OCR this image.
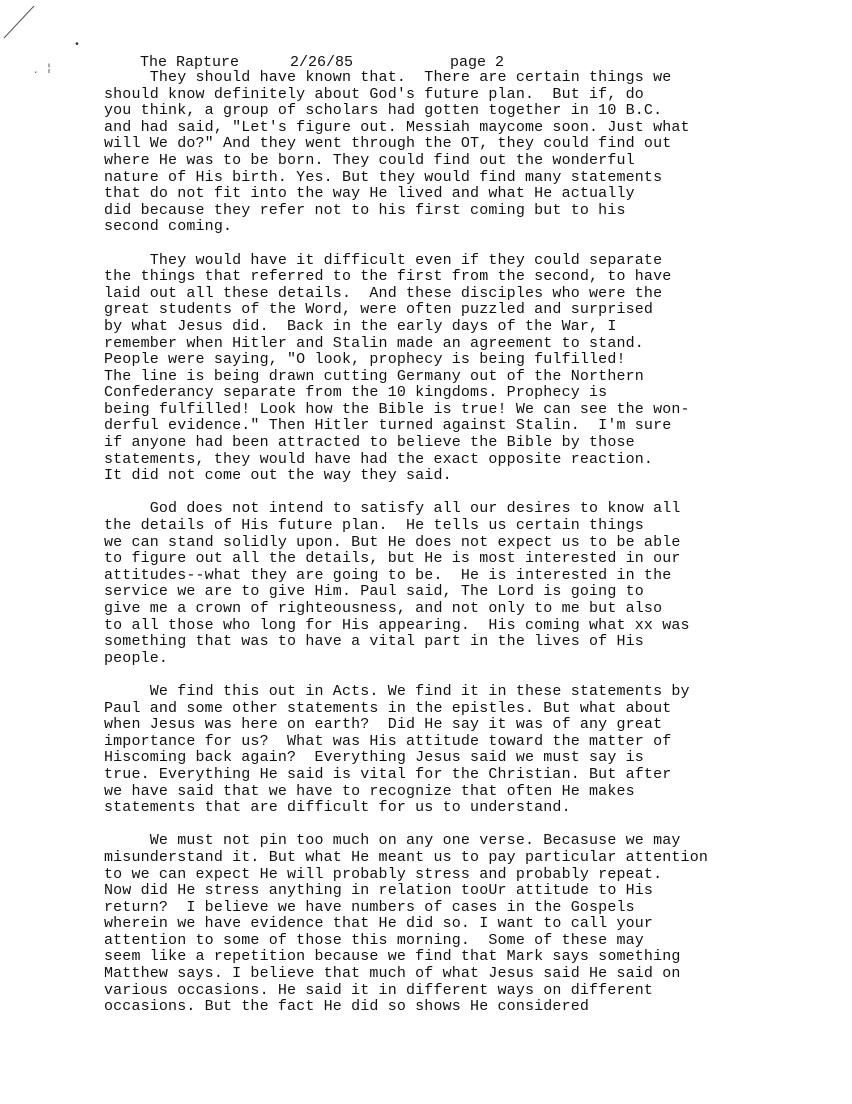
•
˯ ¦	The Rapture	2/26/85	page 2

They should have known that.  There are certain things we
should know definitely about God's future plan.  But if, do
you think, a group of scholars had gotten together in 10 B.C.
and had said, "Let's figure out. Messiah maycome soon. Just what
will We do?" And they went through the OT, they could find out
where He was to be born. They could find out the wonderful
nature of His birth. Yes. But they would find many statements
that do not fit into the way He lived and what He actually
did because they refer not to his first coming but to his
second coming.
They would have it difficult even if they could separate
the things that referred to the first from the second, to have
laid out all these details.  And these disciples who were the
great students of the Word, were often puzzled and surprised
by what Jesus did.  Back in the early days of the War, I
remember when Hitler and Stalin made an agreement to stand.
People were saying, "O look, prophecy is being fulfilled!
The line is being drawn cutting Germany out of the Northern
Confederancy separate from the 10 kingdoms. Prophecy is
being fulfilled! Look how the Bible is true! We can see the won-
derful evidence." Then Hitler turned against Stalin.  I'm sure
if anyone had been attracted to believe the Bible by those
statements, they would have had the exact opposite reaction.
It did not come out the way they said.
God does not intend to satisfy all our desires to know all
the details of His future plan.  He tells us certain things
we can stand solidly upon. But He does not expect us to be able
to figure out all the details, but He is most interested in our
attitudes--what they are going to be.  He is interested in the
service we are to give Him. Paul said, The Lord is going to
give me a crown of righteousness, and not only to me but also
to all those who long for His appearing.  His coming what xx was
something that was to have a vital part in the lives of His
people.
We find this out in Acts. We find it in these statements by
Paul and some other statements in the epistles. But what about
when Jesus was here on earth?  Did He say it was of any great
importance for us?  What was His attitude toward the matter of
Hiscoming back again?  Everything Jesus said we must say is
true. Everything He said is vital for the Christian. But after
we have said that we have to recognize that often He makes
statements that are difficult for us to understand.
We must not pin too much on any one verse. Becasuse we may
misunderstand it. But what He meant us to pay particular attention
to we can expect He will probably stress and probably repeat.
Now did He stress anything in relation tooUr attitude to His
return?  I believe we have numbers of cases in the Gospels
wherein we have evidence that He did so. I want to call your
attention to some of those this morning.  Some of these may
seem like a repetition because we find that Mark says something
Matthew says. I believe that much of what Jesus said He said on
various occasions. He said it in different ways on different
occasions. But the fact He did so shows He considered
